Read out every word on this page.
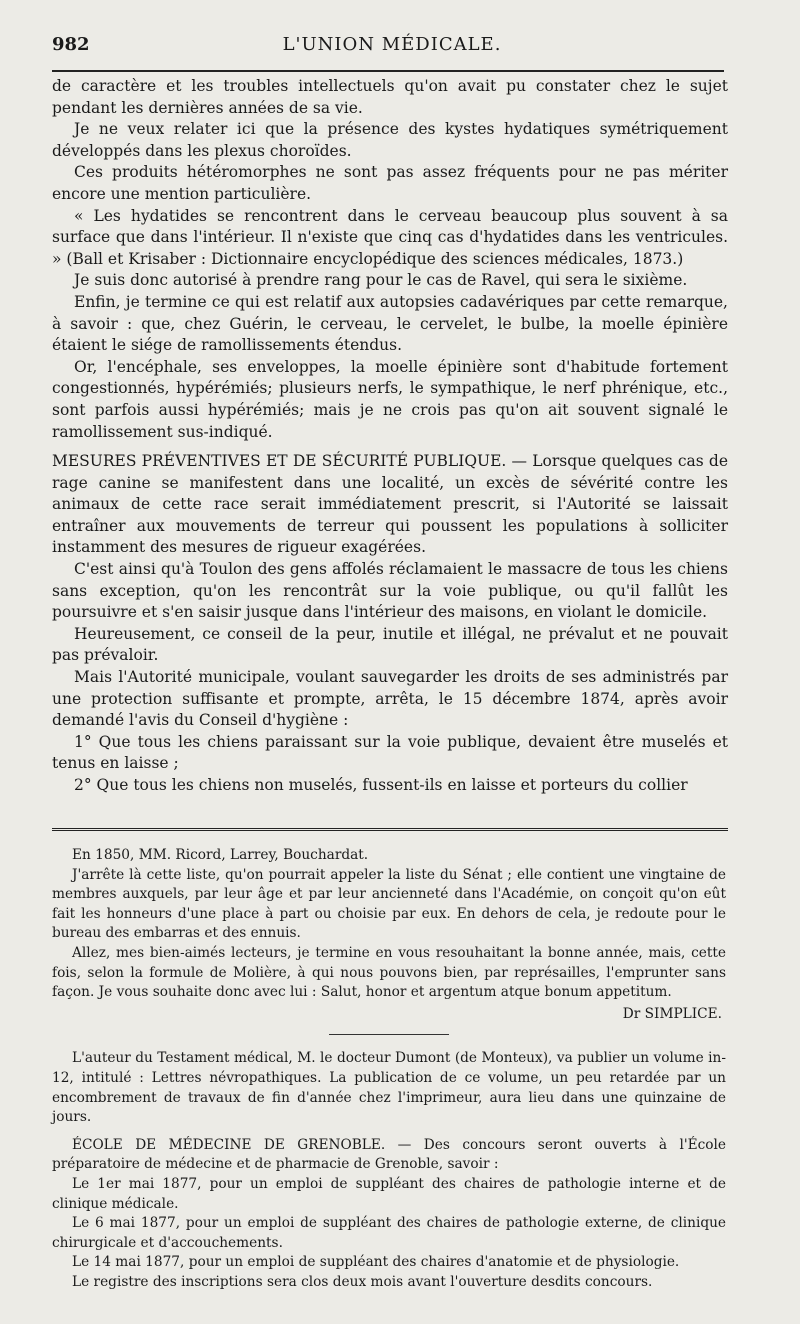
982	L'UNION MÉDICALE.

de caractère et les troubles intellectuels qu'on avait pu constater chez le sujet pendant les dernières années de sa vie.

Je ne veux relater ici que la présence des kystes hydatiques symétriquement développés dans les plexus choroïdes.

Ces produits hétéromorphes ne sont pas assez fréquents pour ne pas mériter encore une mention particulière.

« Les hydatides se rencontrent dans le cerveau beaucoup plus souvent à sa surface que dans l'intérieur. Il n'existe que cinq cas d'hydatides dans les ventricules. » (Ball et Krisaber : Dictionnaire encyclopédique des sciences médicales, 1873.)

Je suis donc autorisé à prendre rang pour le cas de Ravel, qui sera le sixième.

Enfin, je termine ce qui est relatif aux autopsies cadavériques par cette remarque, à savoir : que, chez Guérin, le cerveau, le cervelet, le bulbe, la moelle épinière étaient le siége de ramollissements étendus.

Or, l'encéphale, ses enveloppes, la moelle épinière sont d'habitude fortement congestionnés, hypérémiés; plusieurs nerfs, le sympathique, le nerf phrénique, etc., sont parfois aussi hypérémiés; mais je ne crois pas qu'on ait souvent signalé le ramollissement sus-indiqué.

MESURES PRÉVENTIVES ET DE SÉCURITÉ PUBLIQUE. — Lorsque quelques cas de rage canine se manifestent dans une localité, un excès de sévérité contre les animaux de cette race serait immédiatement prescrit, si l'Autorité se laissait entraîner aux mouvements de terreur qui poussent les populations à solliciter instamment des mesures de rigueur exagérées.

C'est ainsi qu'à Toulon des gens affolés réclamaient le massacre de tous les chiens sans exception, qu'on les rencontrât sur la voie publique, ou qu'il fallût les poursuivre et s'en saisir jusque dans l'intérieur des maisons, en violant le domicile.

Heureusement, ce conseil de la peur, inutile et illégal, ne prévalut et ne pouvait pas prévaloir.

Mais l'Autorité municipale, voulant sauvegarder les droits de ses administrés par une protection suffisante et prompte, arrêta, le 15 décembre 1874, après avoir demandé l'avis du Conseil d'hygiène :

1° Que tous les chiens paraissant sur la voie publique, devaient être muselés et tenus en laisse ;

2° Que tous les chiens non muselés, fussent-ils en laisse et porteurs du collier

En 1850, MM. Ricord, Larrey, Bouchardat.

J'arrête là cette liste, qu'on pourrait appeler la liste du Sénat ; elle contient une vingtaine de membres auxquels, par leur âge et par leur ancienneté dans l'Académie, on conçoit qu'on eût fait les honneurs d'une place à part ou choisie par eux. En dehors de cela, je redoute pour le bureau des embarras et des ennuis.

Allez, mes bien-aimés lecteurs, je termine en vous resouhaitant la bonne année, mais, cette fois, selon la formule de Molière, à qui nous pouvons bien, par représailles, l'emprunter sans façon. Je vous souhaite donc avec lui : Salut, honor et argentum atque bonum appetitum.

Dr SIMPLICE.

L'auteur du Testament médical, M. le docteur Dumont (de Monteux), va publier un volume in-12, intitulé : Lettres névropathiques. La publication de ce volume, un peu retardée par un encombrement de travaux de fin d'année chez l'imprimeur, aura lieu dans une quinzaine de jours.

ÉCOLE DE MÉDECINE DE GRENOBLE. — Des concours seront ouverts à l'École préparatoire de médecine et de pharmacie de Grenoble, savoir :

Le 1er mai 1877, pour un emploi de suppléant des chaires de pathologie interne et de clinique médicale.

Le 6 mai 1877, pour un emploi de suppléant des chaires de pathologie externe, de clinique chirurgicale et d'accouchements.

Le 14 mai 1877, pour un emploi de suppléant des chaires d'anatomie et de physiologie.

Le registre des inscriptions sera clos deux mois avant l'ouverture desdits concours.
